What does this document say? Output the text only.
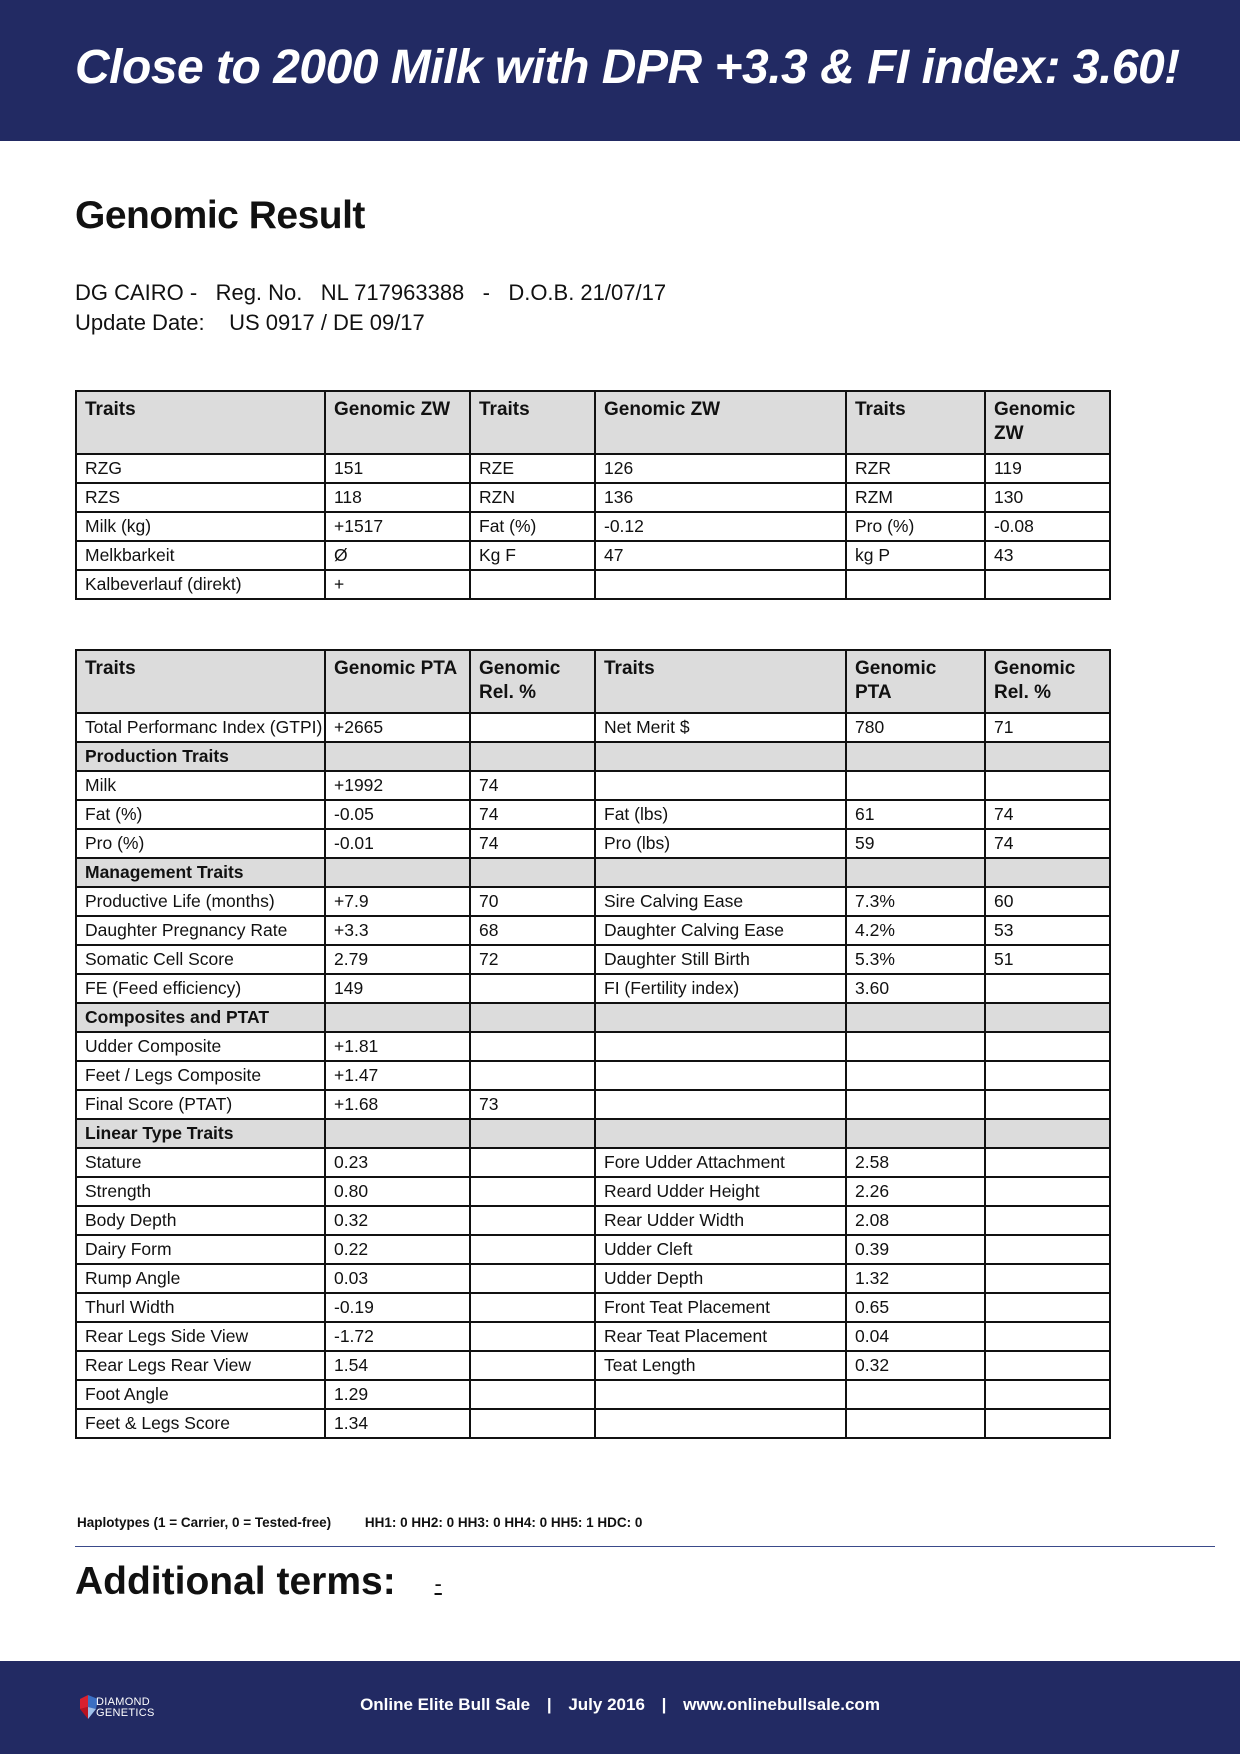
Close to 2000 Milk with DPR +3.3 & FI index: 3.60!
Genomic Result
DG CAIRO - Reg. No. NL 717963388 - D.O.B. 21/07/17
Update Date: US 0917 / DE 09/17
Traits	Genomic ZW	Traits	Genomic ZW	Traits	Genomic ZW
RZG	151	RZE	126	RZR	119
RZS	118	RZN	136	RZM	130
Milk (kg)	+1517	Fat (%)	-0.12	Pro (%)	-0.08
Melkbarkeit	Ø	Kg F	47	kg P	43
Kalbeverlauf (direkt)	+				
Traits	Genomic PTA	Genomic Rel. %	Traits	Genomic PTA	Genomic Rel. %
Total Performanc Index (GTPI)	+2665		Net Merit $	780	71
Production Traits					
Milk	+1992	74			
Fat (%)	-0.05	74	Fat (lbs)	61	74
Pro (%)	-0.01	74	Pro (lbs)	59	74
Management Traits					
Productive Life (months)	+7.9	70	Sire Calving Ease	7.3%	60
Daughter Pregnancy Rate	+3.3	68	Daughter Calving Ease	4.2%	53
Somatic Cell Score	2.79	72	Daughter Still Birth	5.3%	51
FE (Feed efficiency)	149		FI (Fertility index)	3.60	
Composites and PTAT					
Udder Composite	+1.81				
Feet / Legs Composite	+1.47				
Final Score (PTAT)	+1.68	73			
Linear Type Traits					
Stature	0.23		Fore Udder Attachment	2.58	
Strength	0.80		Reard Udder Height	2.26	
Body Depth	0.32		Rear Udder Width	2.08	
Dairy Form	0.22		Udder Cleft	0.39	
Rump Angle	0.03		Udder Depth	1.32	
Thurl Width	-0.19		Front Teat Placement	0.65	
Rear Legs Side View	-1.72		Rear Teat Placement	0.04	
Rear Legs Rear View	1.54		Teat Length	0.32	
Foot Angle	1.29				
Feet & Legs Score	1.34				
Haplotypes (1 = Carrier, 0 = Tested-free)	HH1: 0 HH2: 0 HH3: 0 HH4: 0 HH5: 1 HDC: 0
Additional terms: -
DIAMOND
GENETICS	Online Elite Bull Sale | July 2016 | www.onlinebullsale.com
